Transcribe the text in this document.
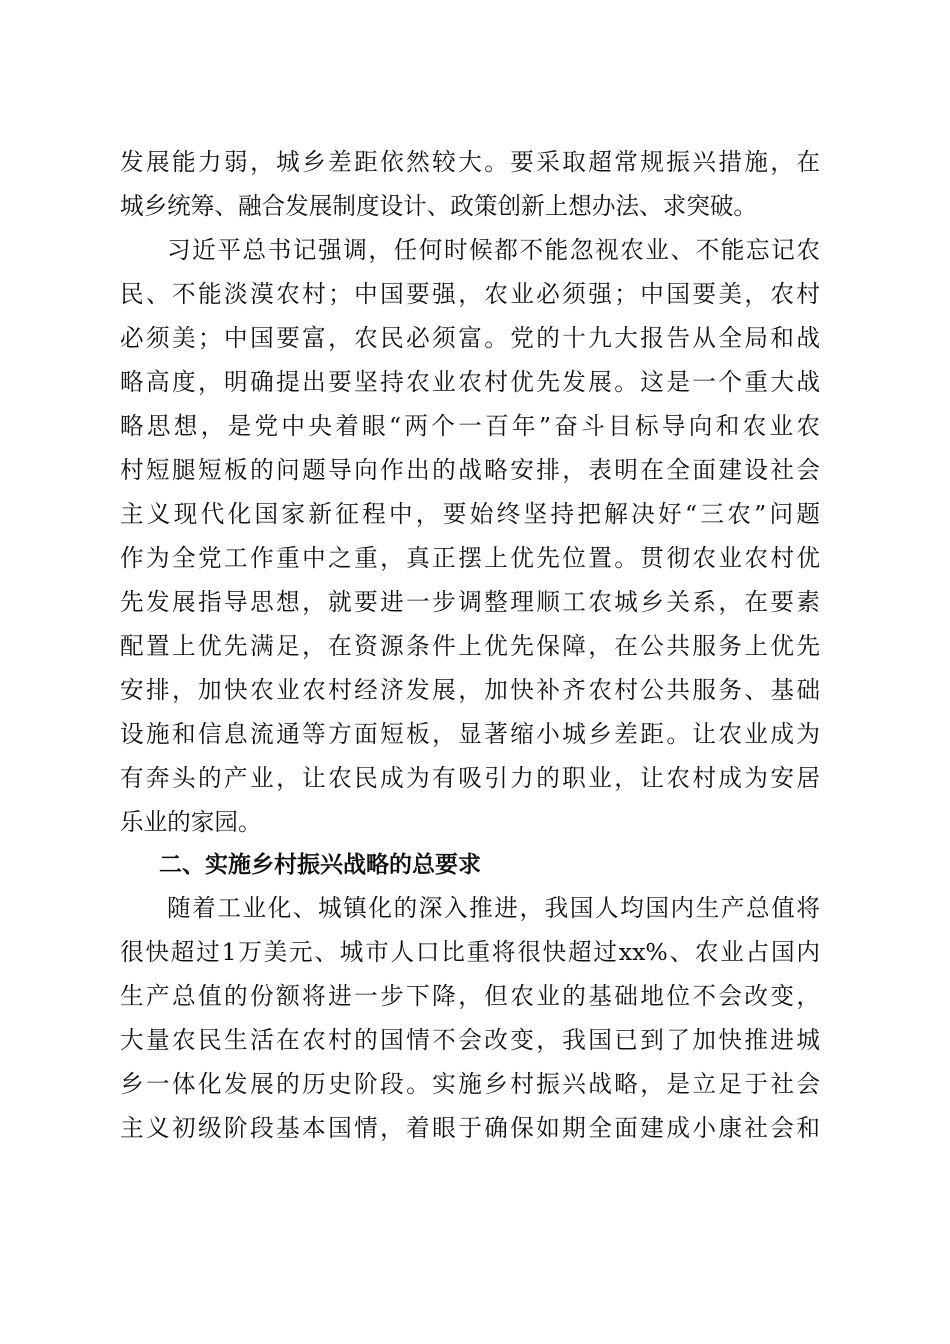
发展能力弱，城乡差距依然较大。要采取超常规振兴措施，在
城乡统筹、融合发展制度设计、政策创新上想办法、求突破。
习近平总书记强调，任何时候都不能忽视农业、不能忘记农
民、不能淡漠农村；中国要强，农业必须强；中国要美，农村
必须美；中国要富，农民必须富。党的十九大报告从全局和战
略高度，明确提出要坚持农业农村优先发展。这是一个重大战
略思想，是党中央着眼“两个一百年”奋斗目标导向和农业农
村短腿短板的问题导向作出的战略安排，表明在全面建设社会
主义现代化国家新征程中，要始终坚持把解决好“三农”问题
作为全党工作重中之重，真正摆上优先位置。贯彻农业农村优
先发展指导思想，就要进一步调整理顺工农城乡关系，在要素
配置上优先满足，在资源条件上优先保障，在公共服务上优先
安排，加快农业农村经济发展，加快补齐农村公共服务、基础
设施和信息流通等方面短板，显著缩小城乡差距。让农业成为
有奔头的产业，让农民成为有吸引力的职业，让农村成为安居
乐业的家园。
二、实施乡村振兴战略的总要求
随着工业化、城镇化的深入推进，我国人均国内生产总值将
很快超过1万美元、城市人口比重将很快超过xx%、农业占国内
生产总值的份额将进一步下降，但农业的基础地位不会改变，
大量农民生活在农村的国情不会改变，我国已到了加快推进城
乡一体化发展的历史阶段。实施乡村振兴战略，是立足于社会
主义初级阶段基本国情，着眼于确保如期全面建成小康社会和
